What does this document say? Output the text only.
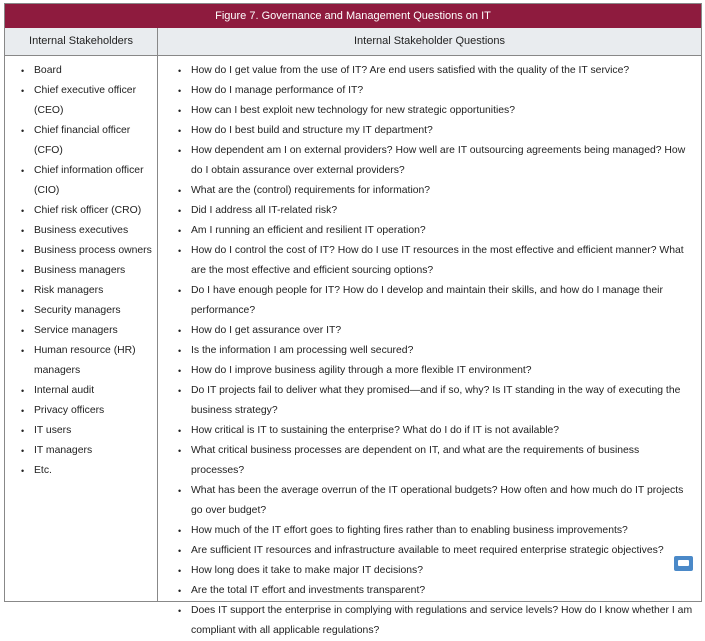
Figure 7. Governance and Management Questions on IT
Internal Stakeholders	Internal Stakeholder Questions
• Board
• Chief executive officer (CEO)
• Chief financial officer (CFO)
• Chief information officer (CIO)
• Chief risk officer (CRO)
• Business executives
• Business process owners
• Business managers
• Risk managers
• Security managers
• Service managers
• Human resource (HR) managers
• Internal audit
• Privacy officers
• IT users
• IT managers
• Etc.
• How do I get value from the use of IT? Are end users satisfied with the quality of the IT service?
• How do I manage performance of IT?
• How can I best exploit new technology for new strategic opportunities?
• How do I best build and structure my IT department?
• How dependent am I on external providers? How well are IT outsourcing agreements being managed? How do I obtain assurance over external providers?
• What are the (control) requirements for information?
• Did I address all IT-related risk?
• Am I running an efficient and resilient IT operation?
• How do I control the cost of IT? How do I use IT resources in the most effective and efficient manner? What are the most effective and efficient sourcing options?
• Do I have enough people for IT? How do I develop and maintain their skills, and how do I manage their performance?
• How do I get assurance over IT?
• Is the information I am processing well secured?
• How do I improve business agility through a more flexible IT environment?
• Do IT projects fail to deliver what they promised—and if so, why? Is IT standing in the way of executing the business strategy?
• How critical is IT to sustaining the enterprise? What do I do if IT is not available?
• What critical business processes are dependent on IT, and what are the requirements of business processes?
• What has been the average overrun of the IT operational budgets? How often and how much do IT projects go over budget?
• How much of the IT effort goes to fighting fires rather than to enabling business improvements?
• Are sufficient IT resources and infrastructure available to meet required enterprise strategic objectives?
• How long does it take to make major IT decisions?
• Are the total IT effort and investments transparent?
• Does IT support the enterprise in complying with regulations and service levels? How do I know whether I am compliant with all applicable regulations?
